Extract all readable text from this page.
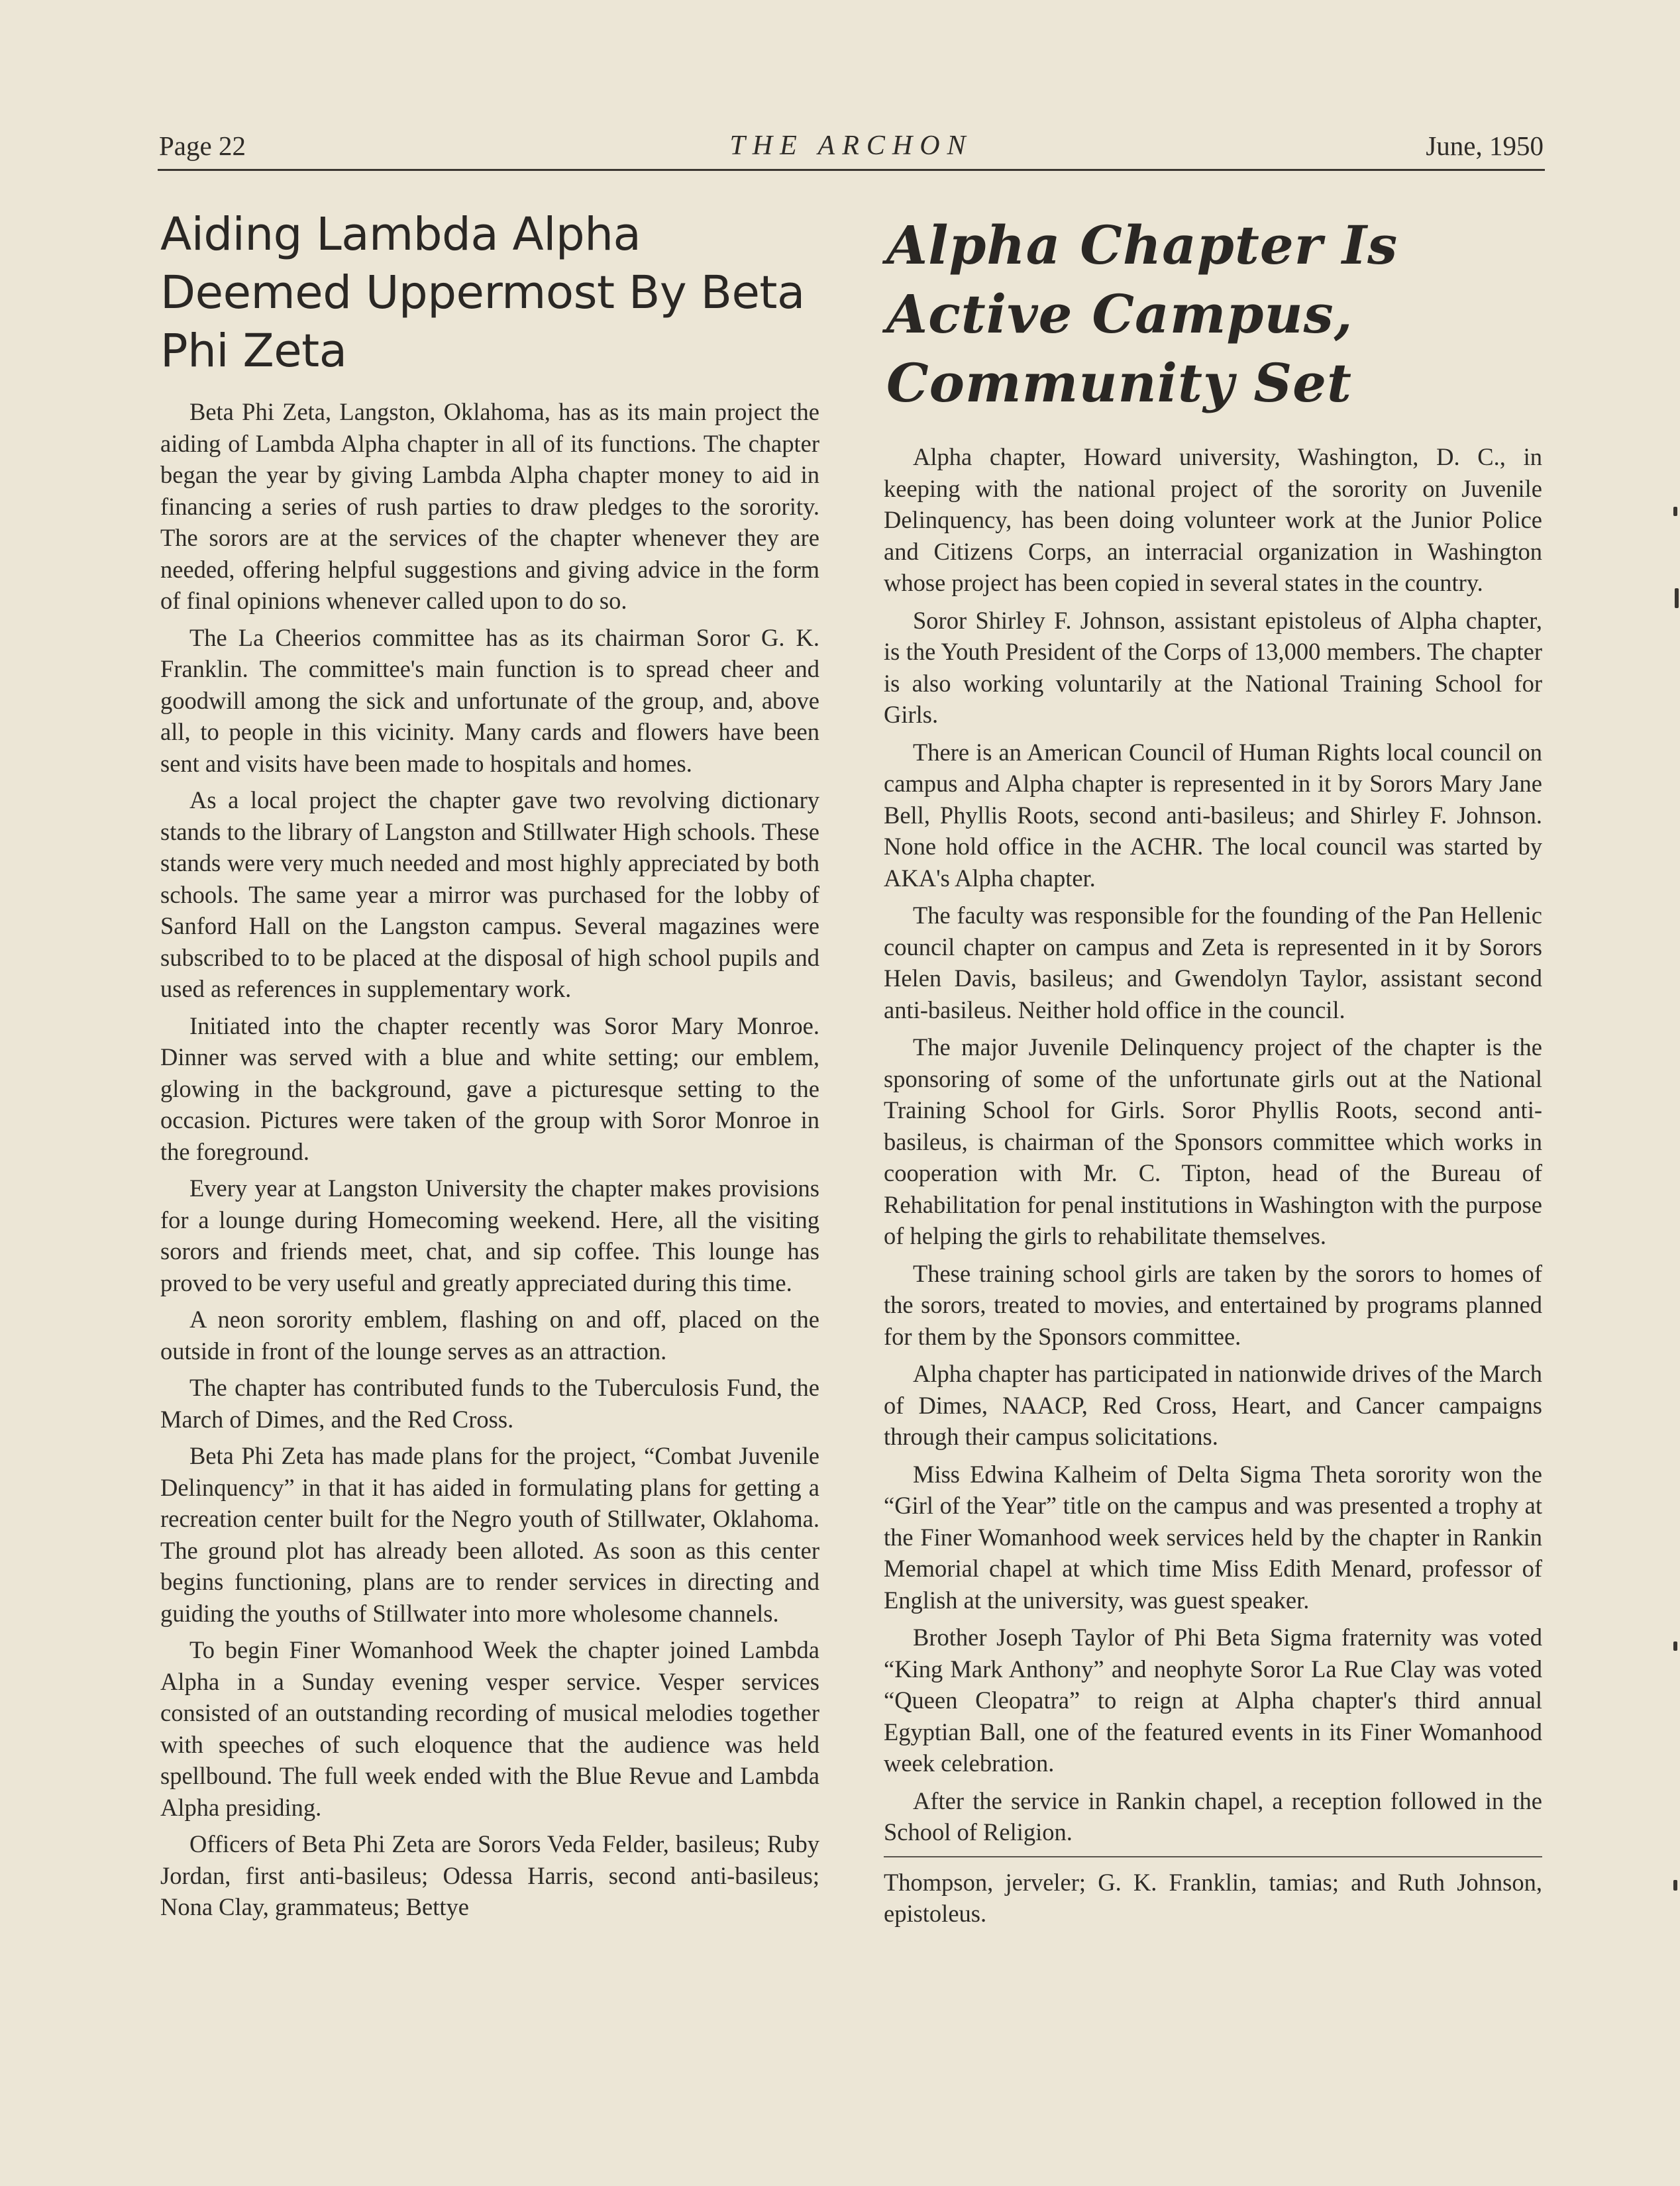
Page 22	THE ARCHON	June, 1950
Aiding Lambda Alpha Deemed Uppermost By Beta Phi Zeta

Beta Phi Zeta, Langston, Oklahoma, has as its main project the aiding of Lambda Alpha chapter in all of its functions. The chapter began the year by giving Lambda Alpha chapter money to aid in financing a series of rush parties to draw pledges to the sorority. The sorors are at the services of the chapter whenever they are needed, offering helpful suggestions and giving advice in the form of final opinions whenever called upon to do so.

The La Cheerios committee has as its chairman Soror G. K. Franklin. The committee's main function is to spread cheer and goodwill among the sick and unfortunate of the group, and, above all, to people in this vicinity. Many cards and flowers have been sent and visits have been made to hospitals and homes.

As a local project the chapter gave two revolving dictionary stands to the library of Langston and Stillwater High schools. These stands were very much needed and most highly appreciated by both schools. The same year a mirror was purchased for the lobby of Sanford Hall on the Langston campus. Several magazines were subscribed to to be placed at the disposal of high school pupils and used as references in supplementary work.

Initiated into the chapter recently was Soror Mary Monroe. Dinner was served with a blue and white setting; our emblem, glowing in the background, gave a picturesque setting to the occasion. Pictures were taken of the group with Soror Monroe in the foreground.

Every year at Langston University the chapter makes provisions for a lounge during Homecoming weekend. Here, all the visiting sorors and friends meet, chat, and sip coffee. This lounge has proved to be very useful and greatly appreciated during this time.

A neon sorority emblem, flashing on and off, placed on the outside in front of the lounge serves as an attraction.

The chapter has contributed funds to the Tuberculosis Fund, the March of Dimes, and the Red Cross.

Beta Phi Zeta has made plans for the project, “Combat Juvenile Delinquency” in that it has aided in formulating plans for getting a recreation center built for the Negro youth of Stillwater, Oklahoma. The ground plot has already been alloted. As soon as this center begins functioning, plans are to render services in directing and guiding the youths of Stillwater into more wholesome channels.

To begin Finer Womanhood Week the chapter joined Lambda Alpha in a Sunday evening vesper service. Vesper services consisted of an outstanding recording of musical melodies together with speeches of such eloquence that the audience was held spellbound. The full week ended with the Blue Revue and Lambda Alpha presiding.

Officers of Beta Phi Zeta are Sorors Veda Felder, basileus; Ruby Jordan, first anti-basileus; Odessa Harris, second anti-basileus; Nona Clay, grammateus; Bettye

Alpha Chapter Is Active Campus, Community Set

Alpha chapter, Howard university, Washington, D. C., in keeping with the national project of the sorority on Juvenile Delinquency, has been doing volunteer work at the Junior Police and Citizens Corps, an interracial organization in Washington whose project has been copied in several states in the country.

Soror Shirley F. Johnson, assistant epistoleus of Alpha chapter, is the Youth President of the Corps of 13,000 members. The chapter is also working voluntarily at the National Training School for Girls.

There is an American Council of Human Rights local council on campus and Alpha chapter is represented in it by Sorors Mary Jane Bell, Phyllis Roots, second anti-basileus; and Shirley F. Johnson. None hold office in the ACHR. The local council was started by AKA's Alpha chapter.

The faculty was responsible for the founding of the Pan Hellenic council chapter on campus and Zeta is represented in it by Sorors Helen Davis, basileus; and Gwendolyn Taylor, assistant second anti-basileus. Neither hold office in the council.

The major Juvenile Delinquency project of the chapter is the sponsoring of some of the unfortunate girls out at the National Training School for Girls. Soror Phyllis Roots, second anti-basileus, is chairman of the Sponsors committee which works in cooperation with Mr. C. Tipton, head of the Bureau of Rehabilitation for penal institutions in Washington with the purpose of helping the girls to rehabilitate themselves.

These training school girls are taken by the sorors to homes of the sorors, treated to movies, and entertained by programs planned for them by the Sponsors committee.

Alpha chapter has participated in nationwide drives of the March of Dimes, NAACP, Red Cross, Heart, and Cancer campaigns through their campus solicitations.

Miss Edwina Kalheim of Delta Sigma Theta sorority won the “Girl of the Year” title on the campus and was presented a trophy at the Finer Womanhood week services held by the chapter in Rankin Memorial chapel at which time Miss Edith Menard, professor of English at the university, was guest speaker.

Brother Joseph Taylor of Phi Beta Sigma fraternity was voted “King Mark Anthony” and neophyte Soror La Rue Clay was voted “Queen Cleopatra” to reign at Alpha chapter's third annual Egyptian Ball, one of the featured events in its Finer Womanhood week celebration.

After the service in Rankin chapel, a reception followed in the School of Religion.

Thompson, jerveler; G. K. Franklin, tamias; and Ruth Johnson, epistoleus.
